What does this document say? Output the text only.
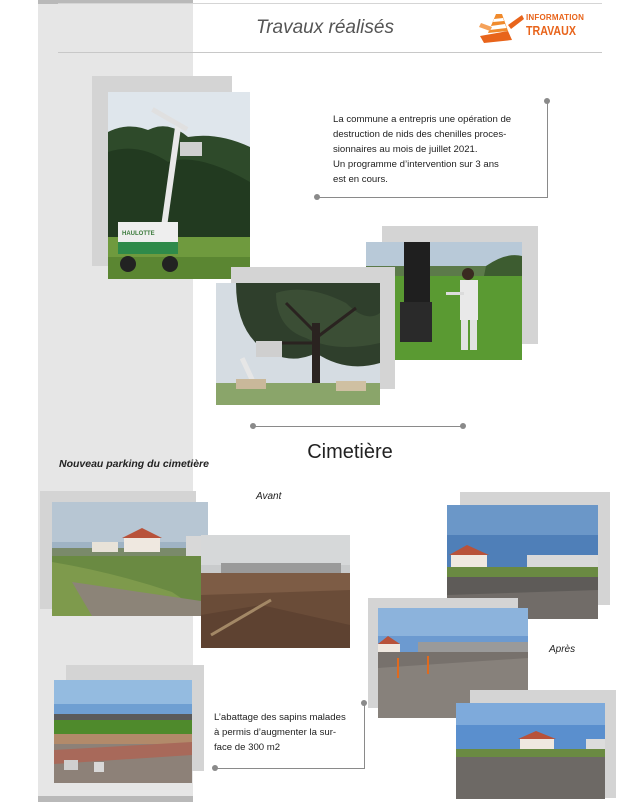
Travaux réalisés	INFORMATION
TRAVAUX
HAULOTTE
La commune a entrepris une opération de
destruction de nids des chenilles proces-
sionnaires au mois de juillet 2021.
Un programme d’intervention sur 3 ans
est en cours.
Cimetière
Nouveau parking du cimetière
Avant
Après
L’abattage des sapins malades
à permis d’augmenter la sur-
face de 300 m2
